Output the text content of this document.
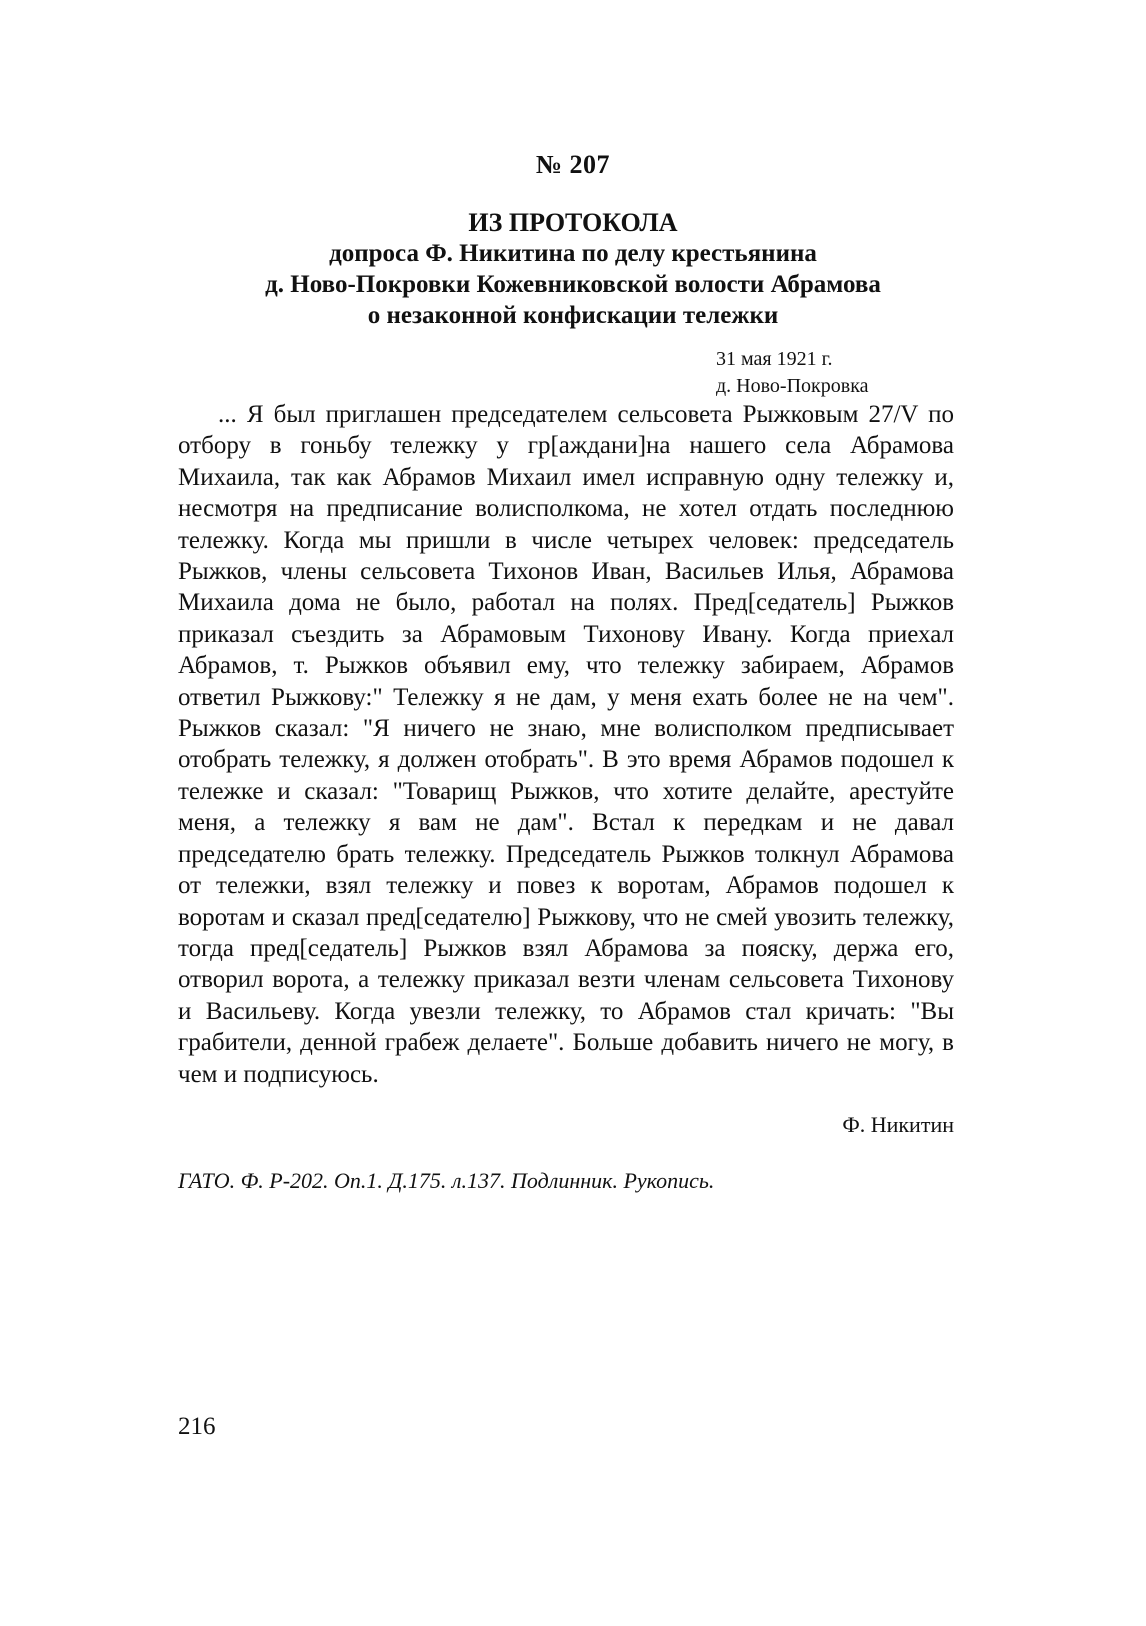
№ 207
ИЗ ПРОТОКОЛА
допроса Ф. Никитина по делу крестьянина
д. Ново-Покровки Кожевниковской волости Абрамова
о незаконной конфискации тележки
31 мая 1921 г.
д. Ново-Покровка
... Я был приглашен председателем сельсовета Рыжковым 27/V по отбору в гоньбу тележку у гр[аждани]на нашего села Абрамова Михаила, так как Абрамов Михаил имел исправную одну тележку и, несмотря на предписание волисполкома, не хотел отдать последнюю тележку. Когда мы пришли в числе четырех человек: председатель Рыжков, члены сельсовета Тихонов Иван, Васильев Илья, Абрамова Михаила дома не было, работал на полях. Пред[седатель] Рыжков приказал съездить за Абрамовым Тихонову Ивану. Когда приехал Абрамов, т. Рыжков объявил ему, что тележку забираем, Абрамов ответил Рыжкову:" Тележку я не дам, у меня ехать более не на чем". Рыжков сказал: "Я ничего не знаю, мне волисполком предписывает отобрать тележку, я должен отобрать". В это время Абрамов подошел к тележке и сказал: "Товарищ Рыжков, что хотите делайте, арестуйте меня, а тележку я вам не дам". Встал к передкам и не давал председателю брать тележку. Председатель Рыжков толкнул Абрамова от тележки, взял тележку и повез к воротам, Абрамов подошел к воротам и сказал пред[седателю] Рыжкову, что не смей увозить тележку, тогда пред[седатель] Рыжков взял Абрамова за пояску, держа его, отворил ворота, а тележку приказал везти членам сельсовета Тихонову и Васильеву. Когда увезли тележку, то Абрамов стал кричать: "Вы грабители, денной грабеж делаете". Больше добавить ничего не могу, в чем и подписуюсь.
Ф. Никитин
ГАТО. Ф. Р-202. Оп.1. Д.175. л.137. Подлинник. Рукопись.
216
